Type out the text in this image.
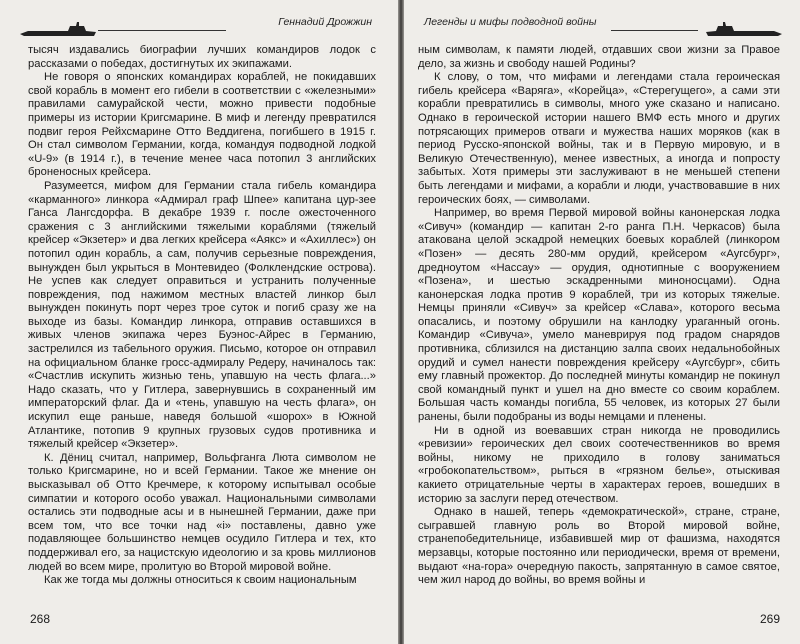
Геннадий Дрожжин

тысяч издавались биографии лучших командиров лодок с рассказами о победах, достигнутых их экипажами.

Не говоря о японских командирах кораблей, не покидавших свой корабль в момент его гибели в соответствии с «железными» правилами самурайской чести, можно привести подобные примеры из истории Кригсмарине. В миф и легенду превратился подвиг героя Рейхсмарине Отто Веддигена, погибшего в 1915 г. Он стал символом Германии, когда, командуя подводной лодкой «U-9» (в 1914 г.), в течение менее часа потопил 3 английских броненосных крейсера.

Разумеется, мифом для Германии стала гибель командира «карманного» линкора «Адмирал граф Шпее» капитана цур-зее Ганса Лангсдорфа. В декабре 1939 г. после ожесточенного сражения с 3 английскими тяжелыми кораблями (тяжелый крейсер «Экзетер» и два легких крейсера «Аякс» и «Ахиллес») он потопил один корабль, а сам, получив серьезные повреждения, вынужден был укрыться в Монтевидео (Фолклендские острова). Не успев как следует оправиться и устранить полученные повреждения, под нажимом местных властей линкор был вынужден покинуть порт через трое суток и погиб сразу же на выходе из базы. Командир линкора, отправив оставшихся в живых членов экипажа через Буэнос-Айрес в Германию, застрелился из табельного оружия. Письмо, которое он отправил на официальном бланке гросс-адмиралу Редеру, начиналось так: «Счастлив искупить жизнью тень, упавшую на честь флага...» Надо сказать, что у Гитлера, завернувшись в сохраненный им императорский флаг. Да и «тень, упавшую на честь флага», он искупил еще раньше, наведя большой «шорох» в Южной Атлантике, потопив 9 крупных грузовых судов противника и тяжелый крейсер «Экзетер».

К. Дёниц считал, например, Вольфганга Люта символом не только Кригсмарине, но и всей Германии. Такое же мнение он высказывал об Отто Кречмере, к которому испытывал особые симпатии и которого особо уважал. Национальными символами остались эти подводные асы и в нынешней Германии, даже при всем том, что все точки над «i» поставлены, давно уже подавляющее большинство немцев осудило Гитлера и тех, кто поддерживал его, за нацистскую идеологию и за кровь миллионов людей во всем мире, пролитую во Второй мировой войне.

Как же тогда мы должны относиться к своим национальным

268
Легенды и мифы подводной войны

ным символам, к памяти людей, отдавших свои жизни за Правое дело, за жизнь и свободу нашей Родины?

К слову, о том, что мифами и легендами стала героическая гибель крейсера «Варяга», «Корейца», «Стерегущего», а сами эти корабли превратились в символы, много уже сказано и написано. Однако в героической истории нашего ВМФ есть много и других потрясающих примеров отваги и мужества наших моряков (как в период Русско-японской войны, так и в Первую мировую, и в Великую Отечественную), менее известных, а иногда и попросту забытых. Хотя примеры эти заслуживают в не меньшей степени быть легендами и мифами, а корабли и люди, участвовавшие в них героических боях, — символами.

Например, во время Первой мировой войны канонерская лодка «Сивуч» (командир — капитан 2-го ранга П.Н. Черкасов) была атакована целой эскадрой немецких боевых кораблей (линкором «Позен» — десять 280-мм орудий, крейсером «Аугсбург», дредноутом «Нассау» — орудия, однотипные с вооружением «Позена», и шестью эскадренными миноносцами). Одна канонерская лодка против 9 кораблей, три из которых тяжелые. Немцы приняли «Сивуч» за крейсер «Слава», которого весьма опасались, и поэтому обрушили на канлодку ураганный огонь. Командир «Сивуча», умело маневрируя под градом снарядов противника, сблизился на дистанцию залпа своих недальнобойных орудий и сумел нанести повреждения крейсеру «Аугсбург», сбить ему главный прожектор. До последней минуты командир не покинул свой командный пункт и ушел на дно вместе со своим кораблем. Большая часть команды погибла, 55 человек, из которых 27 были ранены, были подобраны из воды немцами и пленены.

Ни в одной из воевавших стран никогда не проводились «ревизии» героических дел своих соотечественников во время войны, никому не приходило в голову заниматься «гробокопательством», рыться в «грязном белье», отыскивая какието отрицательные черты в характерах героев, вошедших в историю за заслуги перед отечеством.

Однако в нашей, теперь «демократической», стране, стране, сыгравшей главную роль во Второй мировой войне, странепобедительнице, избавившей мир от фашизма, находятся мерзавцы, которые постоянно или периодически, время от времени, выдают «на-гора» очередную пакость, запрятанную в самое святое, чем жил народ до войны, во время войны и

269
